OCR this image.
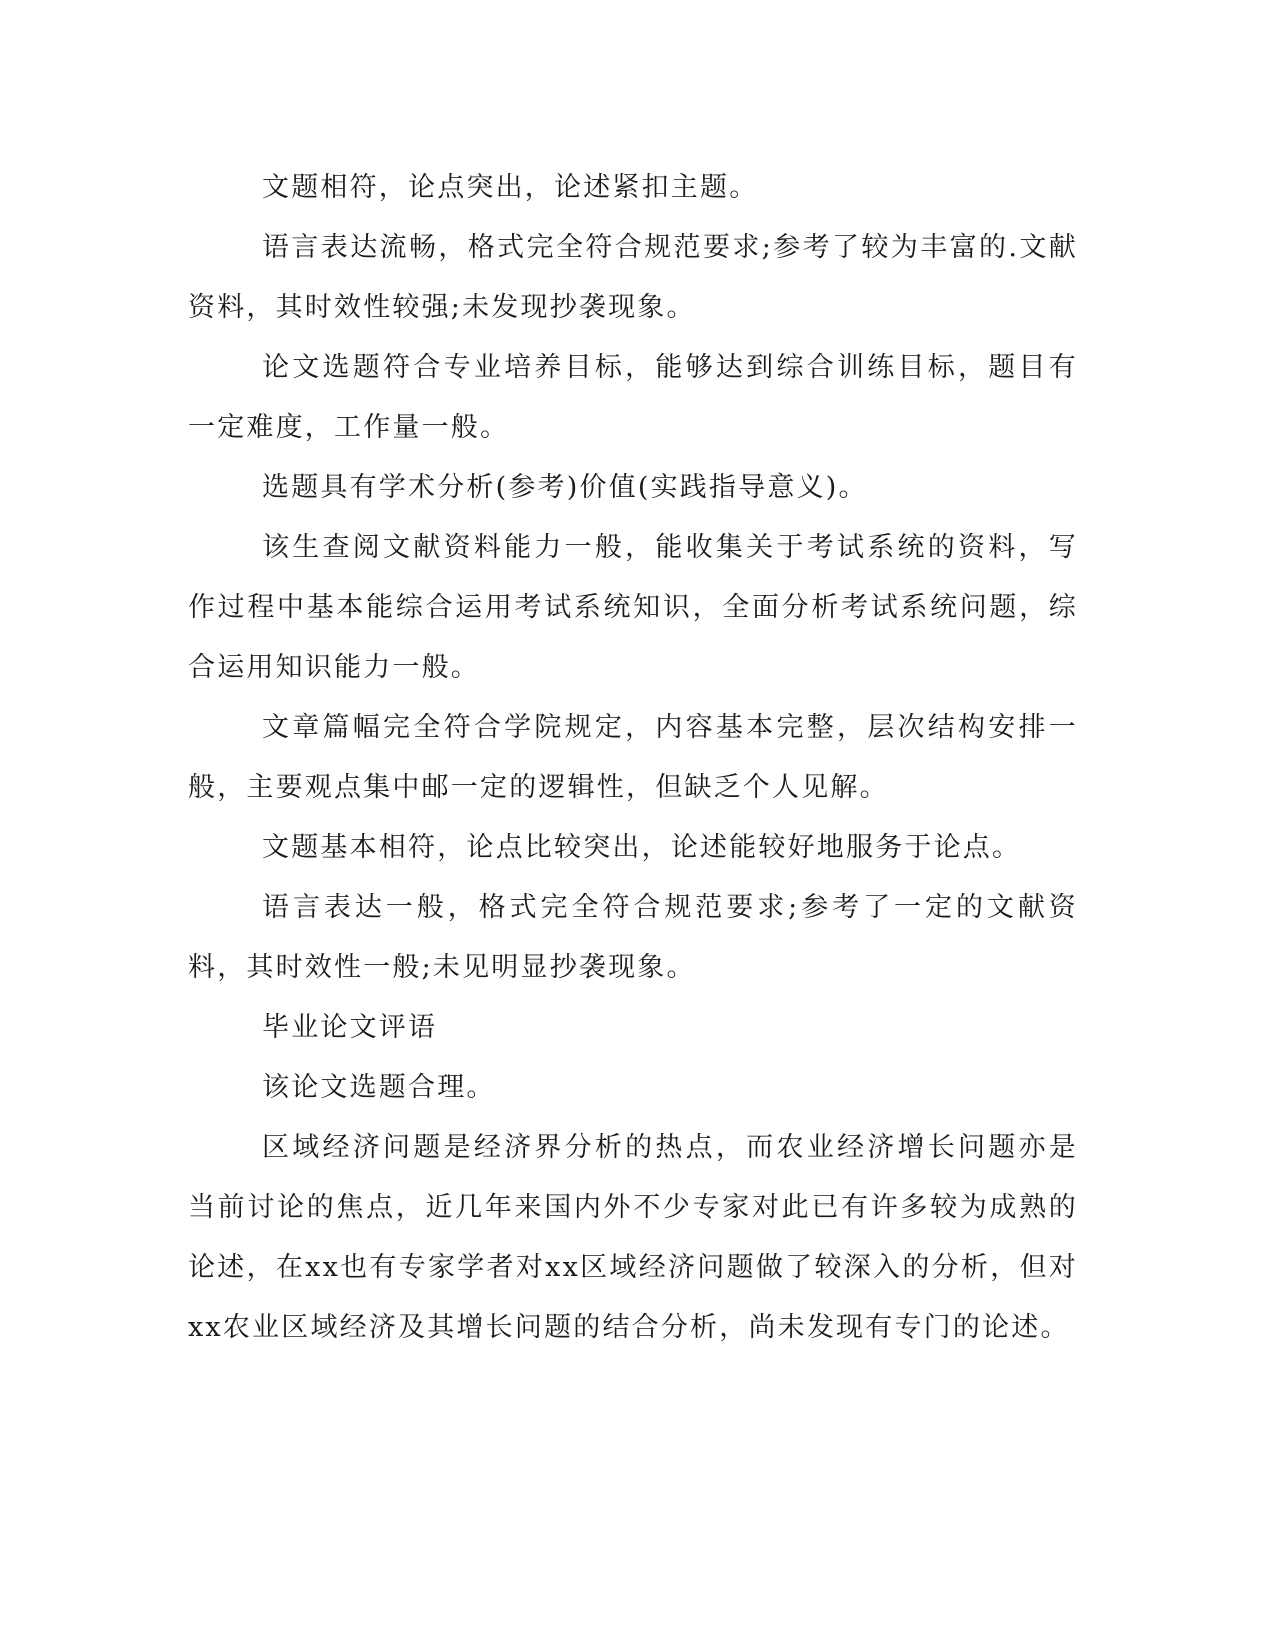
文题相符，论点突出，论述紧扣主题。

语言表达流畅，格式完全符合规范要求;参考了较为丰富的.文献资料，其时效性较强;未发现抄袭现象。

论文选题符合专业培养目标，能够达到综合训练目标，题目有一定难度，工作量一般。

选题具有学术分析(参考)价值(实践指导意义)。

该生查阅文献资料能力一般，能收集关于考试系统的资料，写作过程中基本能综合运用考试系统知识，全面分析考试系统问题，综合运用知识能力一般。

文章篇幅完全符合学院规定，内容基本完整，层次结构安排一般，主要观点集中邮一定的逻辑性，但缺乏个人见解。

文题基本相符，论点比较突出，论述能较好地服务于论点。

语言表达一般，格式完全符合规范要求;参考了一定的文献资料，其时效性一般;未见明显抄袭现象。

毕业论文评语

该论文选题合理。

区域经济问题是经济界分析的热点，而农业经济增长问题亦是当前讨论的焦点，近几年来国内外不少专家对此已有许多较为成熟的论述，在xx也有专家学者对xx区域经济问题做了较深入的分析，但对xx农业区域经济及其增长问题的结合分析，尚未发现有专门的论述。
